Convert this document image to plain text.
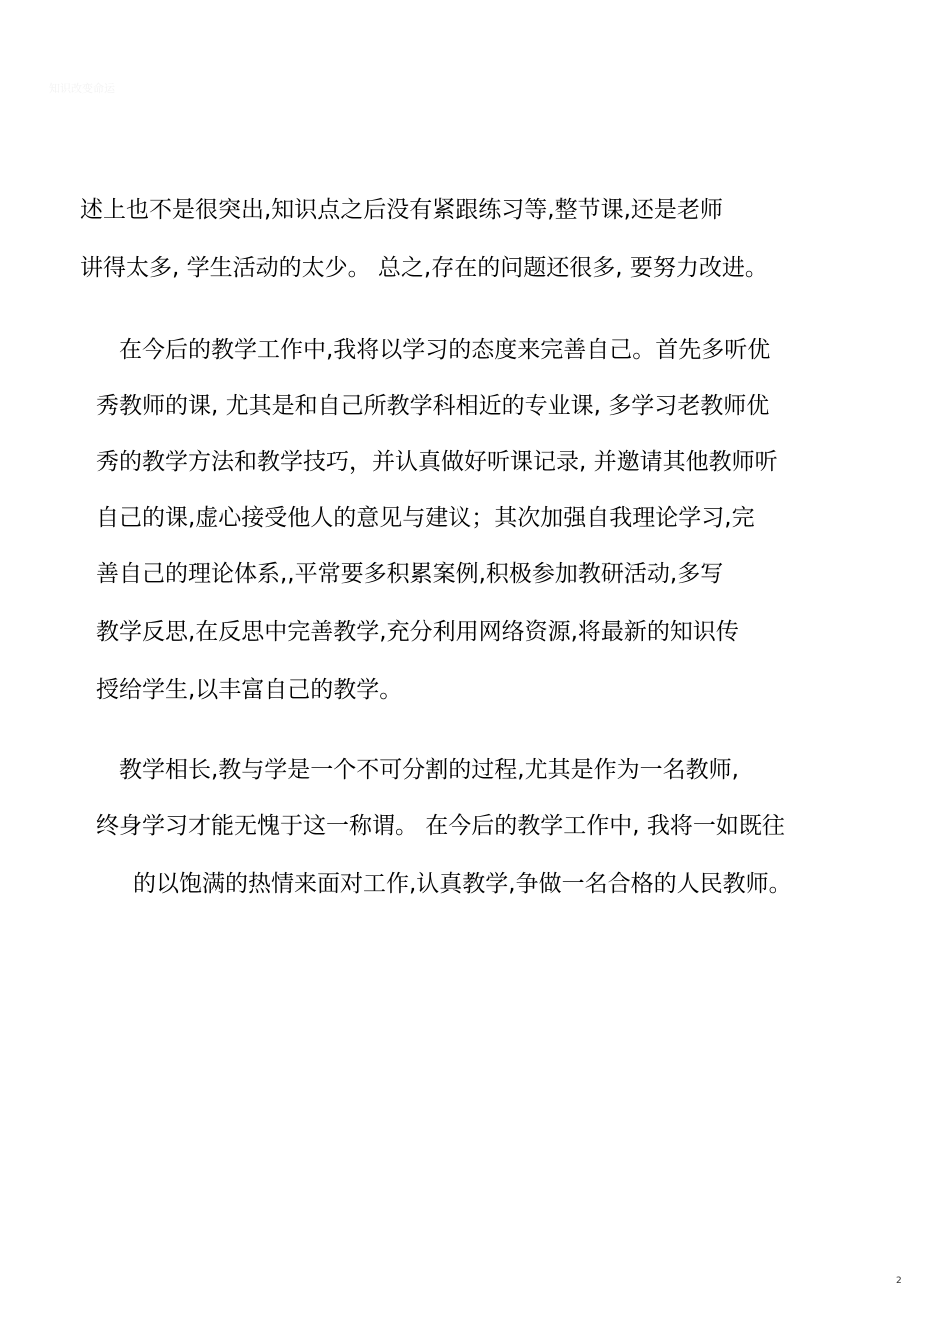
知识改变命运
述上也不是很突出,知识点之后没有紧跟练习等,整节课,还是老师
讲得太多, 学生活动的太少。 总之,存在的问题还很多, 要努力改进。
在今后的教学工作中,我将以学习的态度来完善自己。首先多听优
秀教师的课, 尤其是和自己所教学科相近的专业课, 多学习老教师优
秀的教学方法和教学技巧，并认真做好听课记录, 并邀请其他教师听
自己的课,虚心接受他人的意见与建议；其次加强自我理论学习,完
善自己的理论体系,,平常要多积累案例,积极参加教研活动,多写
教学反思,在反思中完善教学,充分利用网络资源,将最新的知识传
授给学生,以丰富自己的教学。
教学相长,教与学是一个不可分割的过程,尤其是作为一名教师,
终身学习才能无愧于这一称谓。 在今后的教学工作中, 我将一如既往
的以饱满的热情来面对工作,认真教学,争做一名合格的人民教师。
2
